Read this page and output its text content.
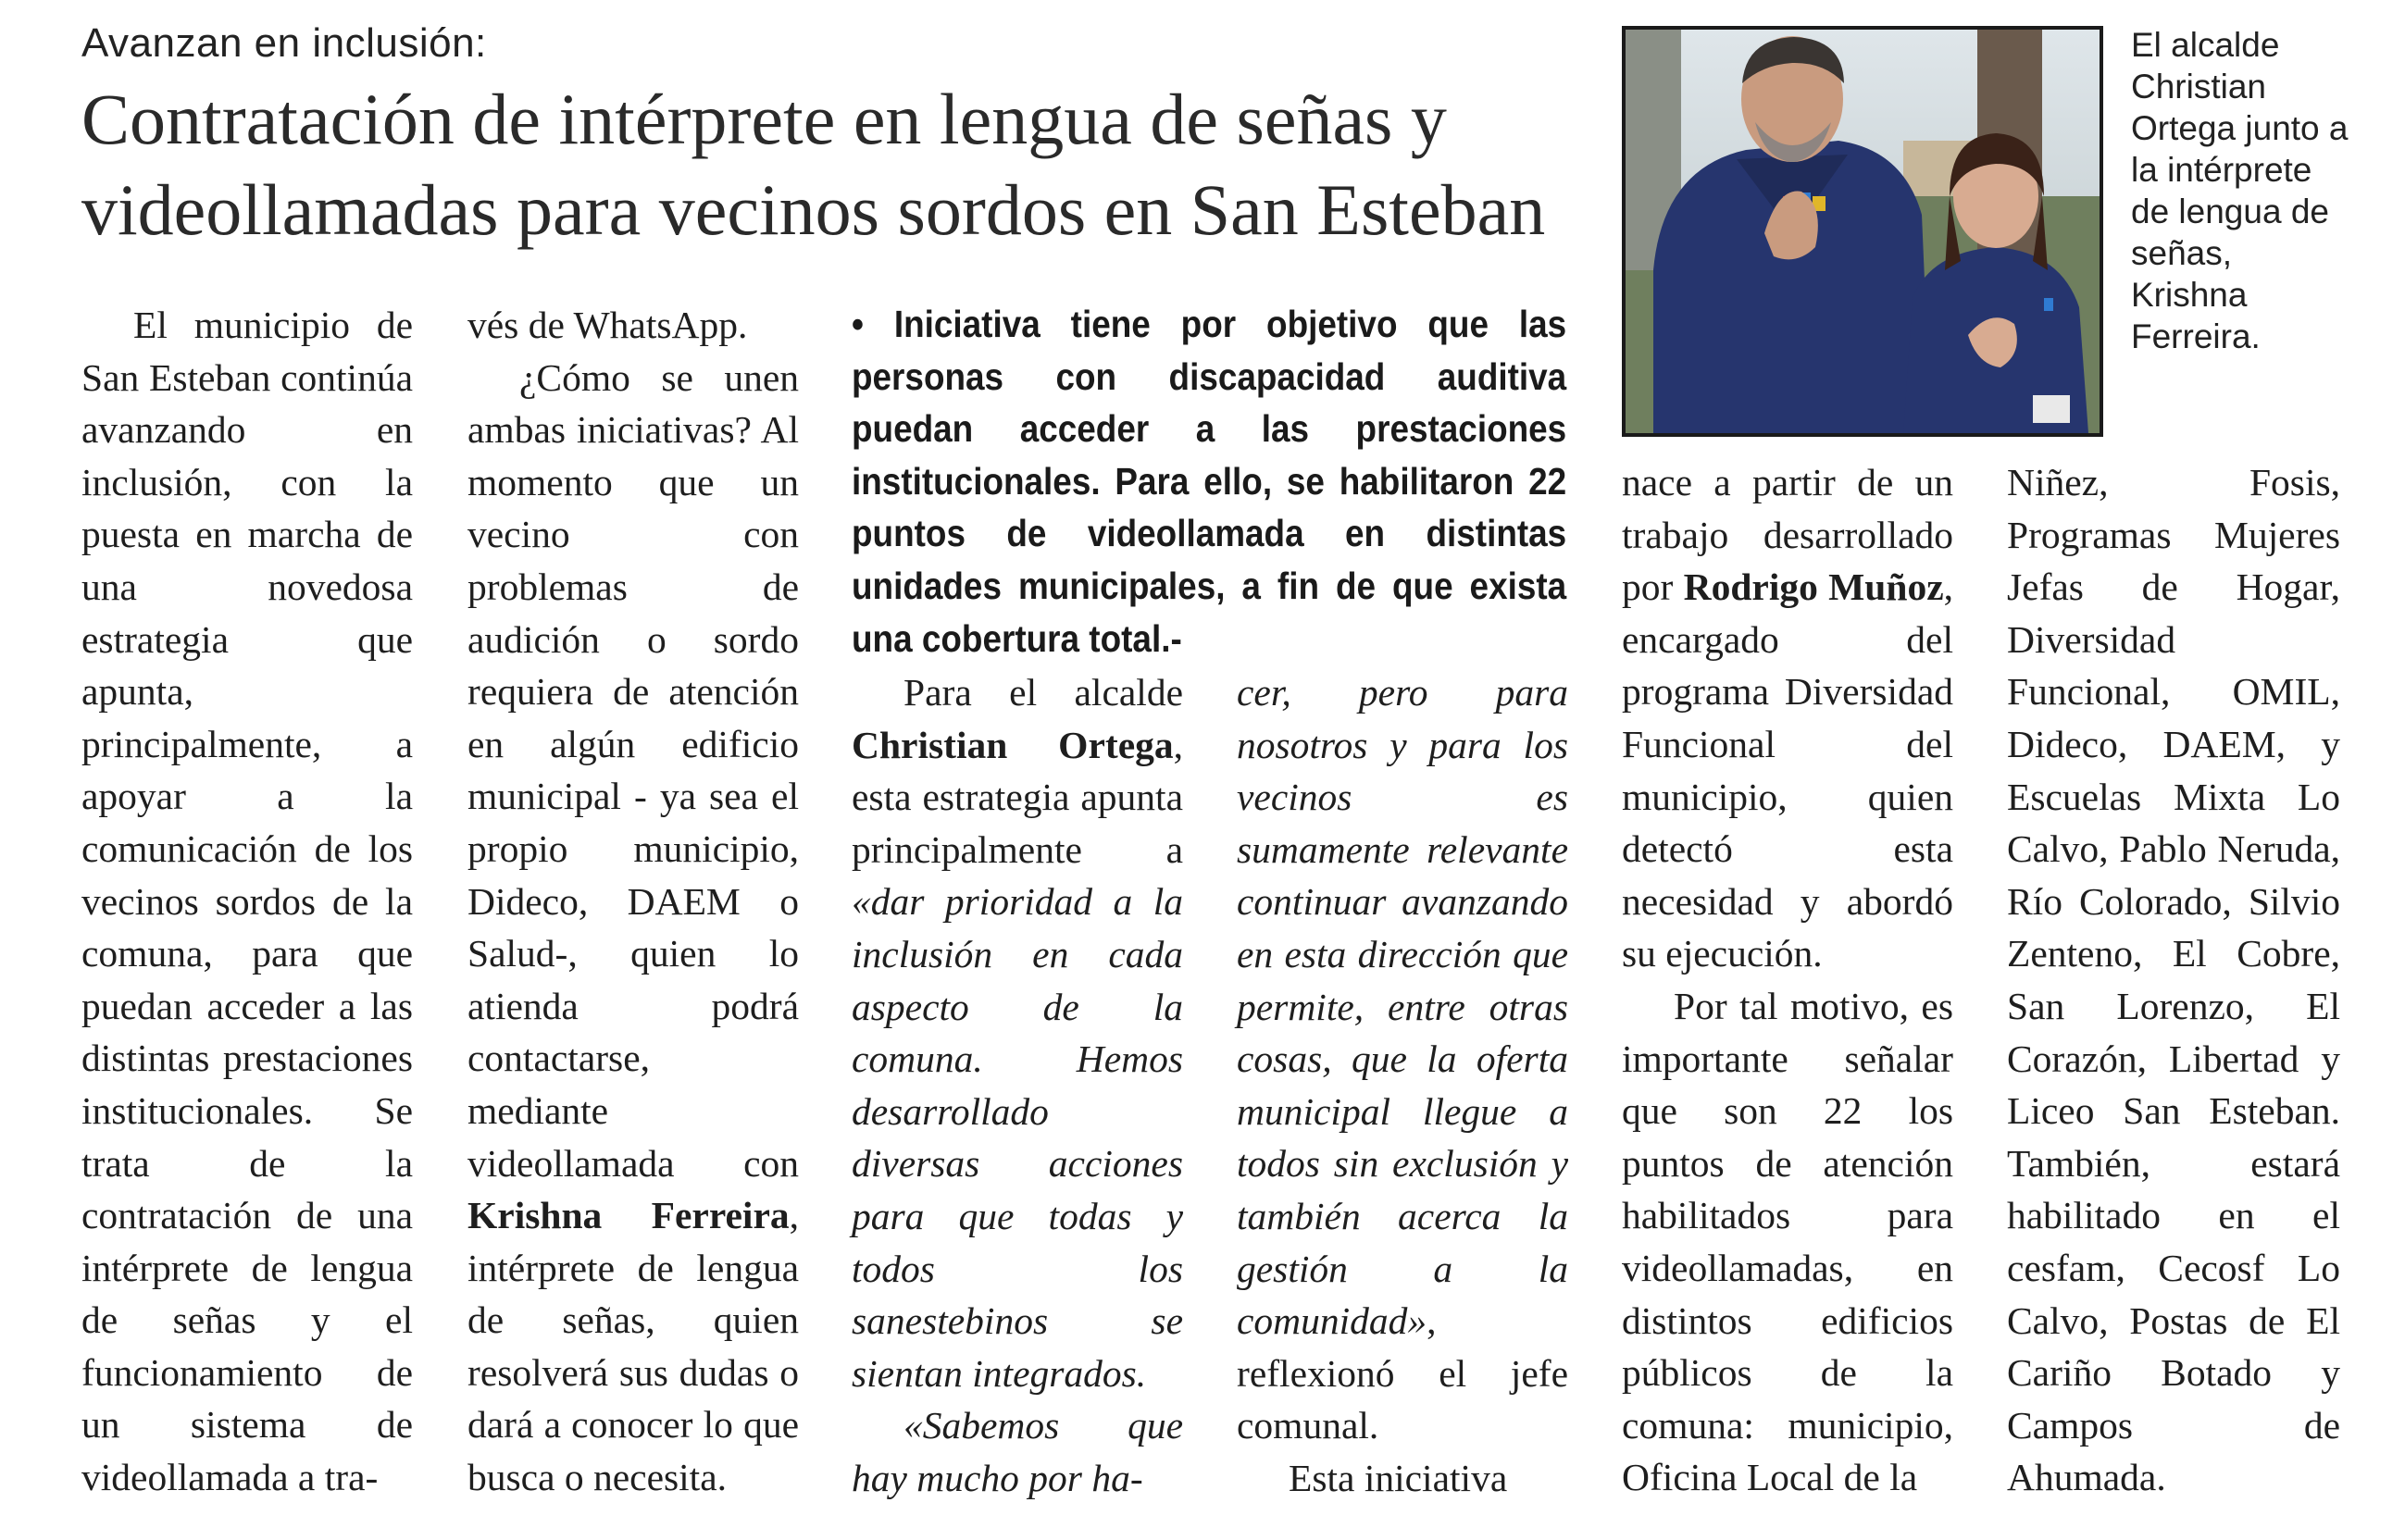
Avanzan en inclusión:
Contratación de intérprete en lengua de señas y videollamadas para vecinos sordos en San Esteban

El municipio de San Esteban continúa avanzando en inclusión, con la puesta en marcha de una novedosa estrategia que apunta, principalmente, a apoyar a la comunicación de los vecinos sordos de la comuna, para que puedan acceder a las distintas prestaciones institucionales. Se trata de la contratación de una intérprete de lengua de señas y el funcionamiento de un sistema de videollamada a tra-

vés de WhatsApp.

¿Cómo se unen ambas iniciativas? Al momento que un vecino con problemas de audición o sordo requiera de atención en algún edificio municipal - ya sea el propio municipio, Dideco, DAEM o Salud-, quien lo atienda podrá contactarse, mediante videollamada con Krishna Ferreira, intérprete de lengua de señas, quien resolverá sus dudas o dará a conocer lo que busca o necesita.

• Iniciativa tiene por objetivo que las personas con discapacidad auditiva puedan acceder a las prestaciones institucionales. Para ello, se habilitaron 22 puntos de videollamada en distintas unidades municipales, a fin de que exista una cobertura total.-

Para el alcalde Christian Ortega, esta estrategia apunta principalmente a «dar prioridad a la inclusión en cada aspecto de la comuna. Hemos desarrollado diversas acciones para que todas y todos los sanestebinos se sientan integrados.

«Sabemos que hay mucho por ha-

cer, pero para nosotros y para los vecinos es sumamente relevante continuar avanzando en esta dirección que permite, entre otras cosas, que la oferta municipal llegue a todos sin exclusión y también acerca la gestión a la comunidad», reflexionó el jefe comunal.

Esta iniciativa

El alcalde Christian Ortega junto a la intérprete de lengua de señas, Krishna Ferreira.

nace a partir de un trabajo desarrollado por Rodrigo Muñoz, encargado del programa Diversidad Funcional del municipio, quien detectó esta necesidad y abordó su ejecución.

Por tal motivo, es importante señalar que son 22 los puntos de atención habilitados para videollamadas, en distintos edificios públicos de la comuna: municipio, Oficina Local de la

Niñez, Fosis, Programas Mujeres Jefas de Hogar, Diversidad Funcional, OMIL, Dideco, DAEM, y Escuelas Mixta Lo Calvo, Pablo Neruda, Río Colorado, Silvio Zenteno, El Cobre, San Lorenzo, El Corazón, Libertad y Liceo San Esteban. También, estará habilitado en el cesfam, Cecosf Lo Calvo, Postas de El Cariño Botado y Campos de Ahumada.
